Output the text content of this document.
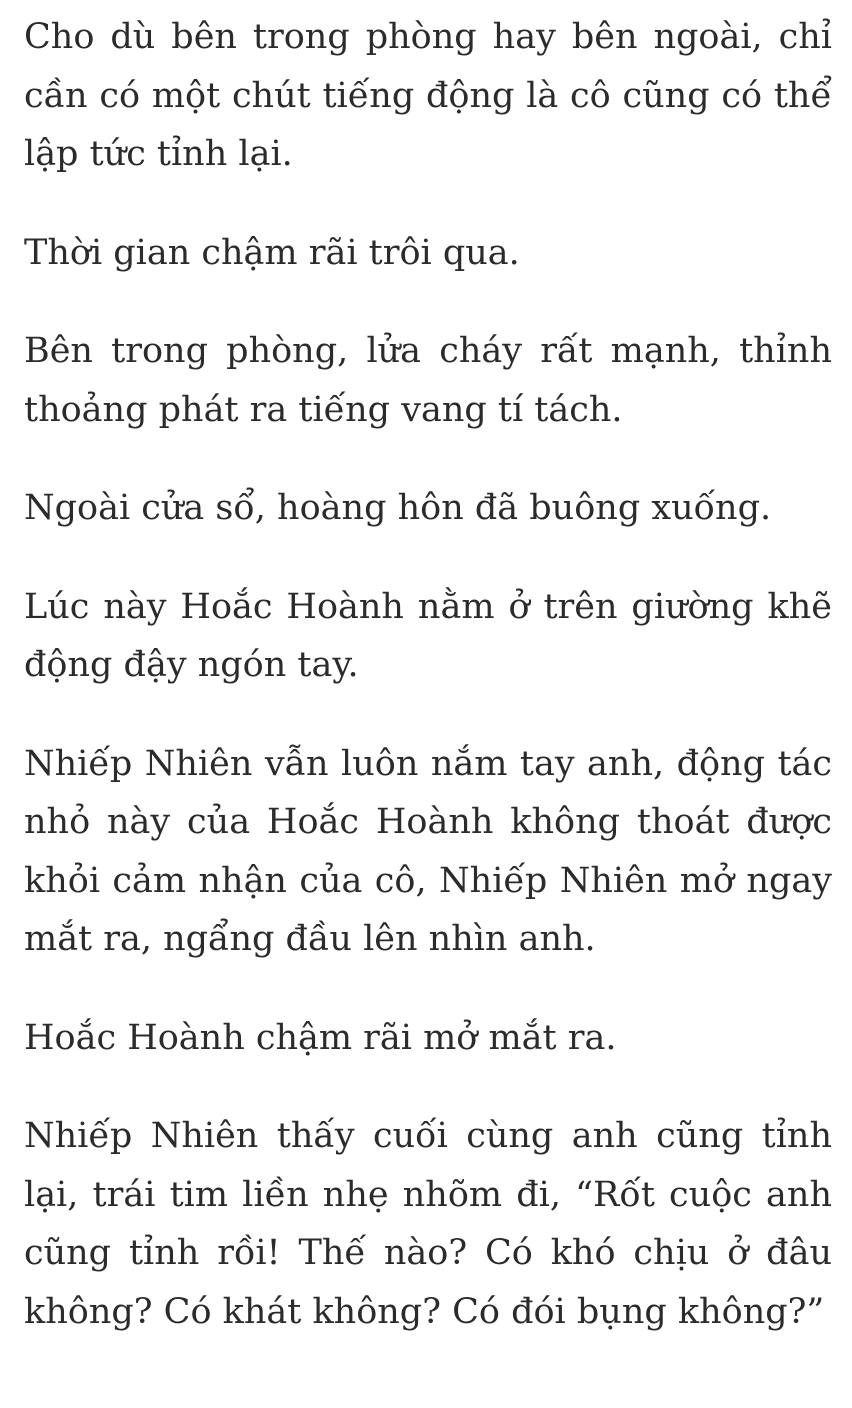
Cho dù bên trong phòng hay bên ngoài, chỉ cần có một chút tiếng động là cô cũng có thể lập tức tỉnh lại.

Thời gian chậm rãi trôi qua.

Bên trong phòng, lửa cháy rất mạnh, thỉnh thoảng phát ra tiếng vang tí tách.

Ngoài cửa sổ, hoàng hôn đã buông xuống.

Lúc này Hoắc Hoành nằm ở trên giường khẽ động đậy ngón tay.

Nhiếp Nhiên vẫn luôn nắm tay anh, động tác nhỏ này của Hoắc Hoành không thoát được khỏi cảm nhận của cô, Nhiếp Nhiên mở ngay mắt ra, ngẩng đầu lên nhìn anh.

Hoắc Hoành chậm rãi mở mắt ra.

Nhiếp Nhiên thấy cuối cùng anh cũng tỉnh lại, trái tim liền nhẹ nhõm đi, “Rốt cuộc anh cũng tỉnh rồi! Thế nào? Có khó chịu ở đâu không? Có khát không? Có đói bụng không?”
